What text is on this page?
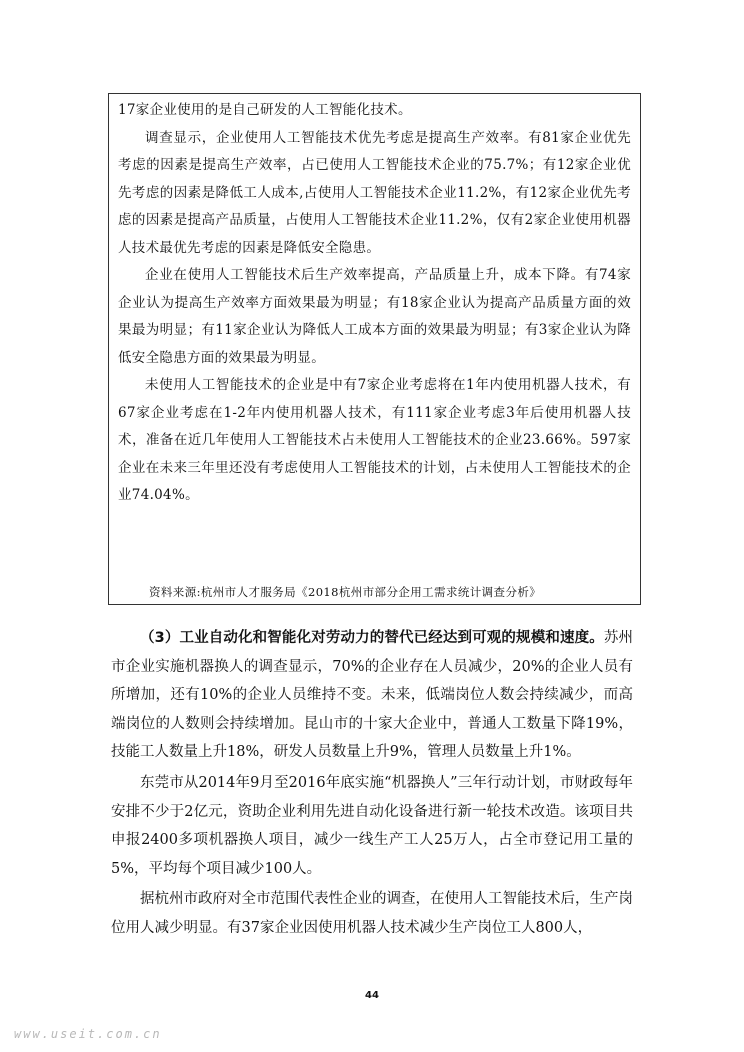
17家企业使用的是自己研发的人工智能化技术。

调查显示，企业使用人工智能技术优先考虑是提高生产效率。有81家企业优先考虑的因素是提高生产效率，占已使用人工智能技术企业的75.7%；有12家企业优先考虑的因素是降低工人成本,占使用人工智能技术企业11.2%，有12家企业优先考虑的因素是提高产品质量，占使用人工智能技术企业11.2%，仅有2家企业使用机器人技术最优先考虑的因素是降低安全隐患。

企业在使用人工智能技术后生产效率提高，产品质量上升，成本下降。有74家企业认为提高生产效率方面效果最为明显；有18家企业认为提高产品质量方面的效果最为明显；有11家企业认为降低人工成本方面的效果最为明显；有3家企业认为降低安全隐患方面的效果最为明显。

未使用人工智能技术的企业是中有7家企业考虑将在1年内使用机器人技术，有67家企业考虑在1-2年内使用机器人技术，有111家企业考虑3年后使用机器人技术，准备在近几年使用人工智能技术占未使用人工智能技术的企业23.66%。597家企业在未来三年里还没有考虑使用人工智能技术的计划，占未使用人工智能技术的企业74.04%。

资料来源:杭州市人才服务局《2018杭州市部分企用工需求统计调查分析》

（3）工业自动化和智能化对劳动力的替代已经达到可观的规模和速度。苏州市企业实施机器换人的调查显示，70%的企业存在人员减少，20%的企业人员有所增加，还有10%的企业人员维持不变。未来，低端岗位人数会持续减少，而高端岗位的人数则会持续增加。昆山市的十家大企业中，普通人工数量下降19%，技能工人数量上升18%，研发人员数量上升9%，管理人员数量上升1%。

东莞市从2014年9月至2016年底实施“机器换人”三年行动计划，市财政每年安排不少于2亿元，资助企业利用先进自动化设备进行新一轮技术改造。该项目共申报2400多项机器换人项目，减少一线生产工人25万人，占全市登记用工量的5%，平均每个项目减少100人。

据杭州市政府对全市范围代表性企业的调查，在使用人工智能技术后，生产岗位用人减少明显。有37家企业因使用机器人技术减少生产岗位工人800人，

44
www.useit.com.cn
